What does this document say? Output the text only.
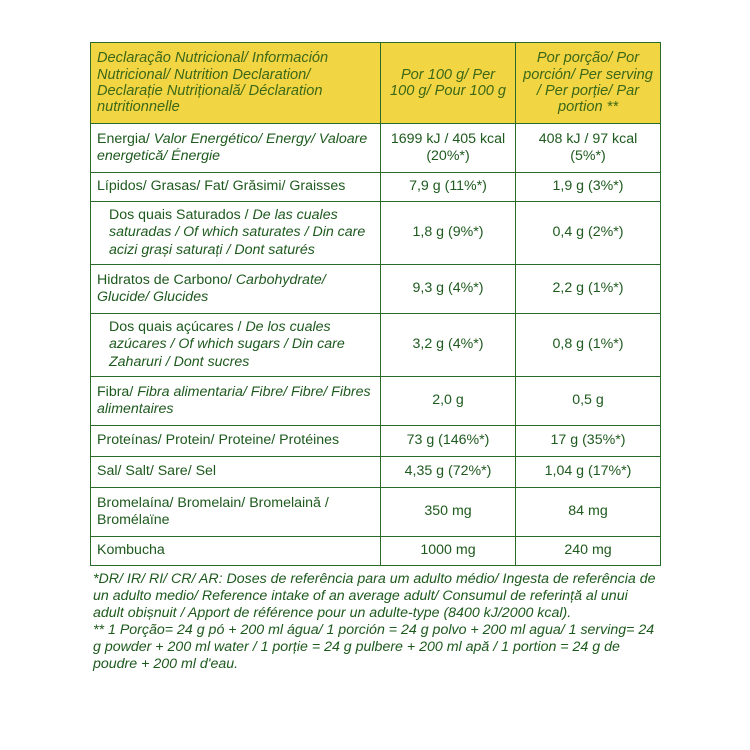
Declaração Nutricional/ Información Nutricional/ Nutrition Declaration/ Declarație Nutrițională/ Déclaration nutritionnelle	Por 100 g/ Per 100 g/ Pour 100 g	Por porção/ Por porción/ Per serving / Per porție/ Par portion **
Energia/ Valor Energético/ Energy/ Valoare energetică/ Énergie	1699 kJ / 405 kcal (20%*)	408 kJ / 97 kcal (5%*)
Lípidos/ Grasas/ Fat/ Grăsimi/ Graisses	7,9 g (11%*)	1,9 g (3%*)
Dos quais Saturados / De las cuales saturadas / Of which saturates / Din care acizi grași saturați / Dont saturés	1,8 g (9%*)	0,4 g (2%*)
Hidratos de Carbono/ Carbohydrate/ Glucide/ Glucides	9,3 g (4%*)	2,2 g (1%*)
Dos quais açúcares / De los cuales azúcares / Of which sugars / Din care Zaharuri / Dont sucres	3,2 g (4%*)	0,8 g (1%*)
Fibra/ Fibra alimentaria/ Fibre/ Fibre/ Fibres alimentaires	2,0 g	0,5 g
Proteínas/ Protein/ Proteine/ Protéines	73 g (146%*)	17 g (35%*)
Sal/ Salt/ Sare/ Sel	4,35 g (72%*)	1,04 g (17%*)
Bromelaína/ Bromelain/ Bromelaină / Bromélaïne	350 mg	84 mg
Kombucha	1000 mg	240 mg

*DR/ IR/ RI/ CR/ AR: Doses de referência para um adulto médio/ Ingesta de referência de un adulto medio/ Reference intake of an average adult/ Consumul de referință al unui adult obișnuit / Apport de référence pour un adulte-type (8400 kJ/2000 kcal).

** 1 Porção= 24 g pó + 200 ml água/ 1 porción = 24 g polvo + 200 ml agua/ 1 serving= 24 g powder + 200 ml water / 1 porție = 24 g pulbere + 200 ml apă / 1 portion = 24 g de poudre + 200 ml d'eau.
